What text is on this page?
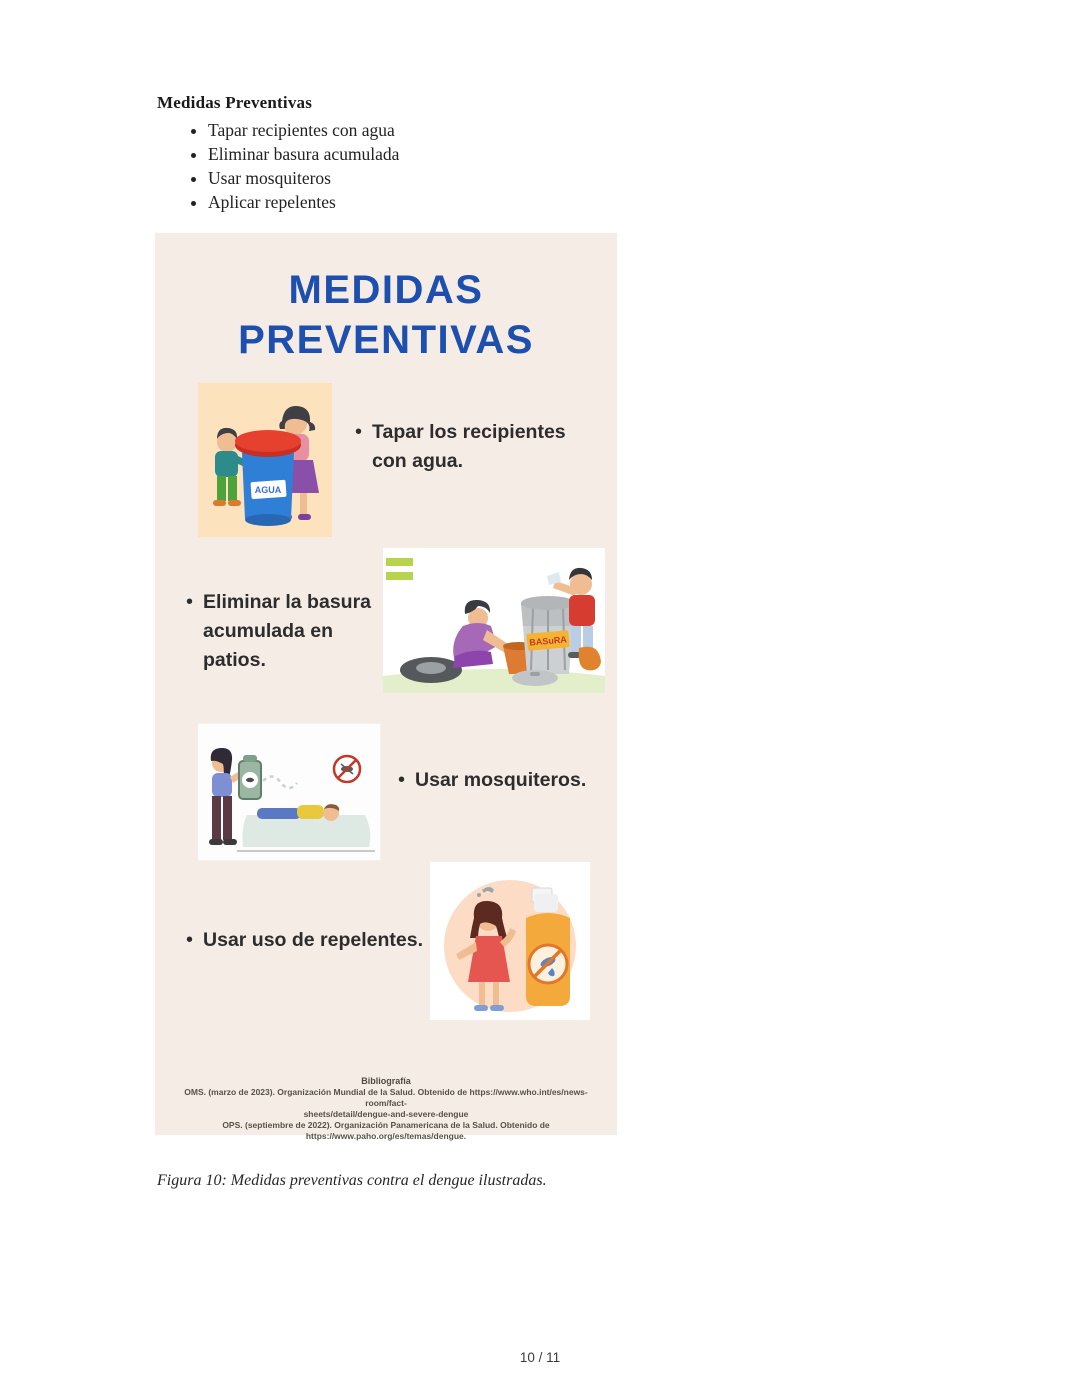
Medidas Preventivas
• Tapar recipientes con agua
• Eliminar basura acumulada
• Usar mosquiteros
• Aplicar repelentes
MEDIDAS
PREVENTIVAS
AGUA
• Tapar los recipientes con agua.
BASuRA
• Eliminar la basura acumulada en patios.
• Usar mosquiteros.
• Usar uso de repelentes.
Bibliografía
OMS. (marzo de 2023). Organización Mundial de la Salud. Obtenido de https://www.who.int/es/news-room/fact-
sheets/detail/dengue-and-severe-dengue
OPS. (septiembre de 2022). Organización Panamericana de la Salud. Obtenido de
https://www.paho.org/es/temas/dengue.

Figura 10: Medidas preventivas contra el dengue ilustradas.

10 / 11
